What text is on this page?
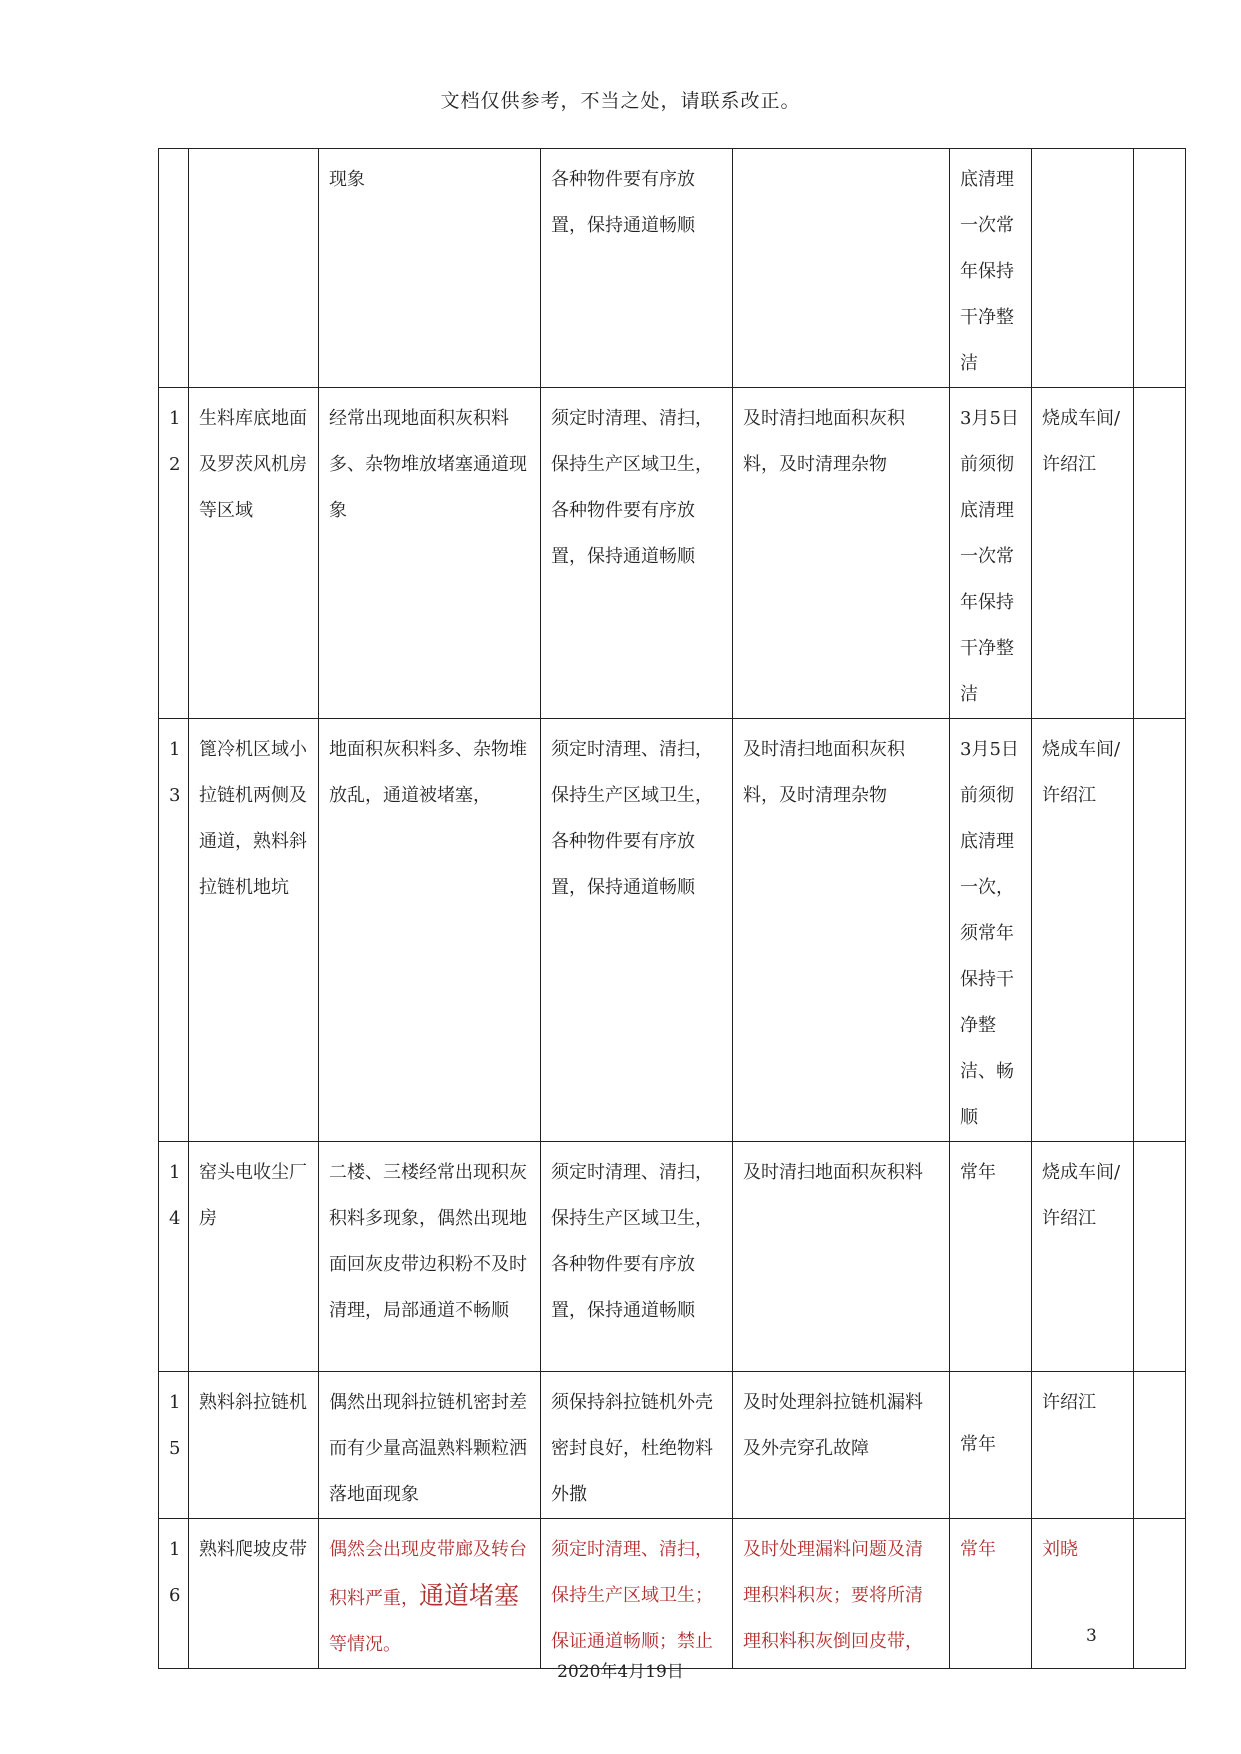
文档仅供参考，不当之处，请联系改正。
		现象	各种物件要有序放置，保持通道畅顺		底清理一次常年保持干净整洁		
12	生料库底地面及罗茨风机房等区域	经常出现地面积灰积料多、杂物堆放堵塞通道现象	须定时清理、清扫，保持生产区域卫生，各种物件要有序放置，保持通道畅顺	及时清扫地面积灰积料，及时清理杂物	3月5日前须彻底清理一次常年保持干净整洁	烧成车间/许绍江	
13	篦冷机区域小拉链机两侧及通道，熟料斜拉链机地坑	地面积灰积料多、杂物堆放乱，通道被堵塞，	须定时清理、清扫，保持生产区域卫生，各种物件要有序放置，保持通道畅顺	及时清扫地面积灰积料，及时清理杂物	3月5日前须彻底清理一次，须常年保持干净整洁、畅顺	烧成车间/许绍江	
14	窑头电收尘厂房	二楼、三楼经常出现积灰积料多现象，偶然出现地面回灰皮带边积粉不及时清理，局部通道不畅顺	须定时清理、清扫，保持生产区域卫生，各种物件要有序放置，保持通道畅顺	及时清扫地面积灰积料	常年	烧成车间/许绍江	
15	熟料斜拉链机	偶然出现斜拉链机密封差而有少量高温熟料颗粒洒落地面现象	须保持斜拉链机外壳密封良好，杜绝物料外撒	及时处理斜拉链机漏料及外壳穿孔故障	常年	许绍江	
16	熟料爬坡皮带	偶然会出现皮带廊及转台积料严重，通道堵塞等情况。	须定时清理、清扫，保持生产区域卫生；保证通道畅顺；禁止	及时处理漏料问题及清理积料积灰；要将所清理积料积灰倒回皮带，	常年	刘晓	
3
2020年4月19日
